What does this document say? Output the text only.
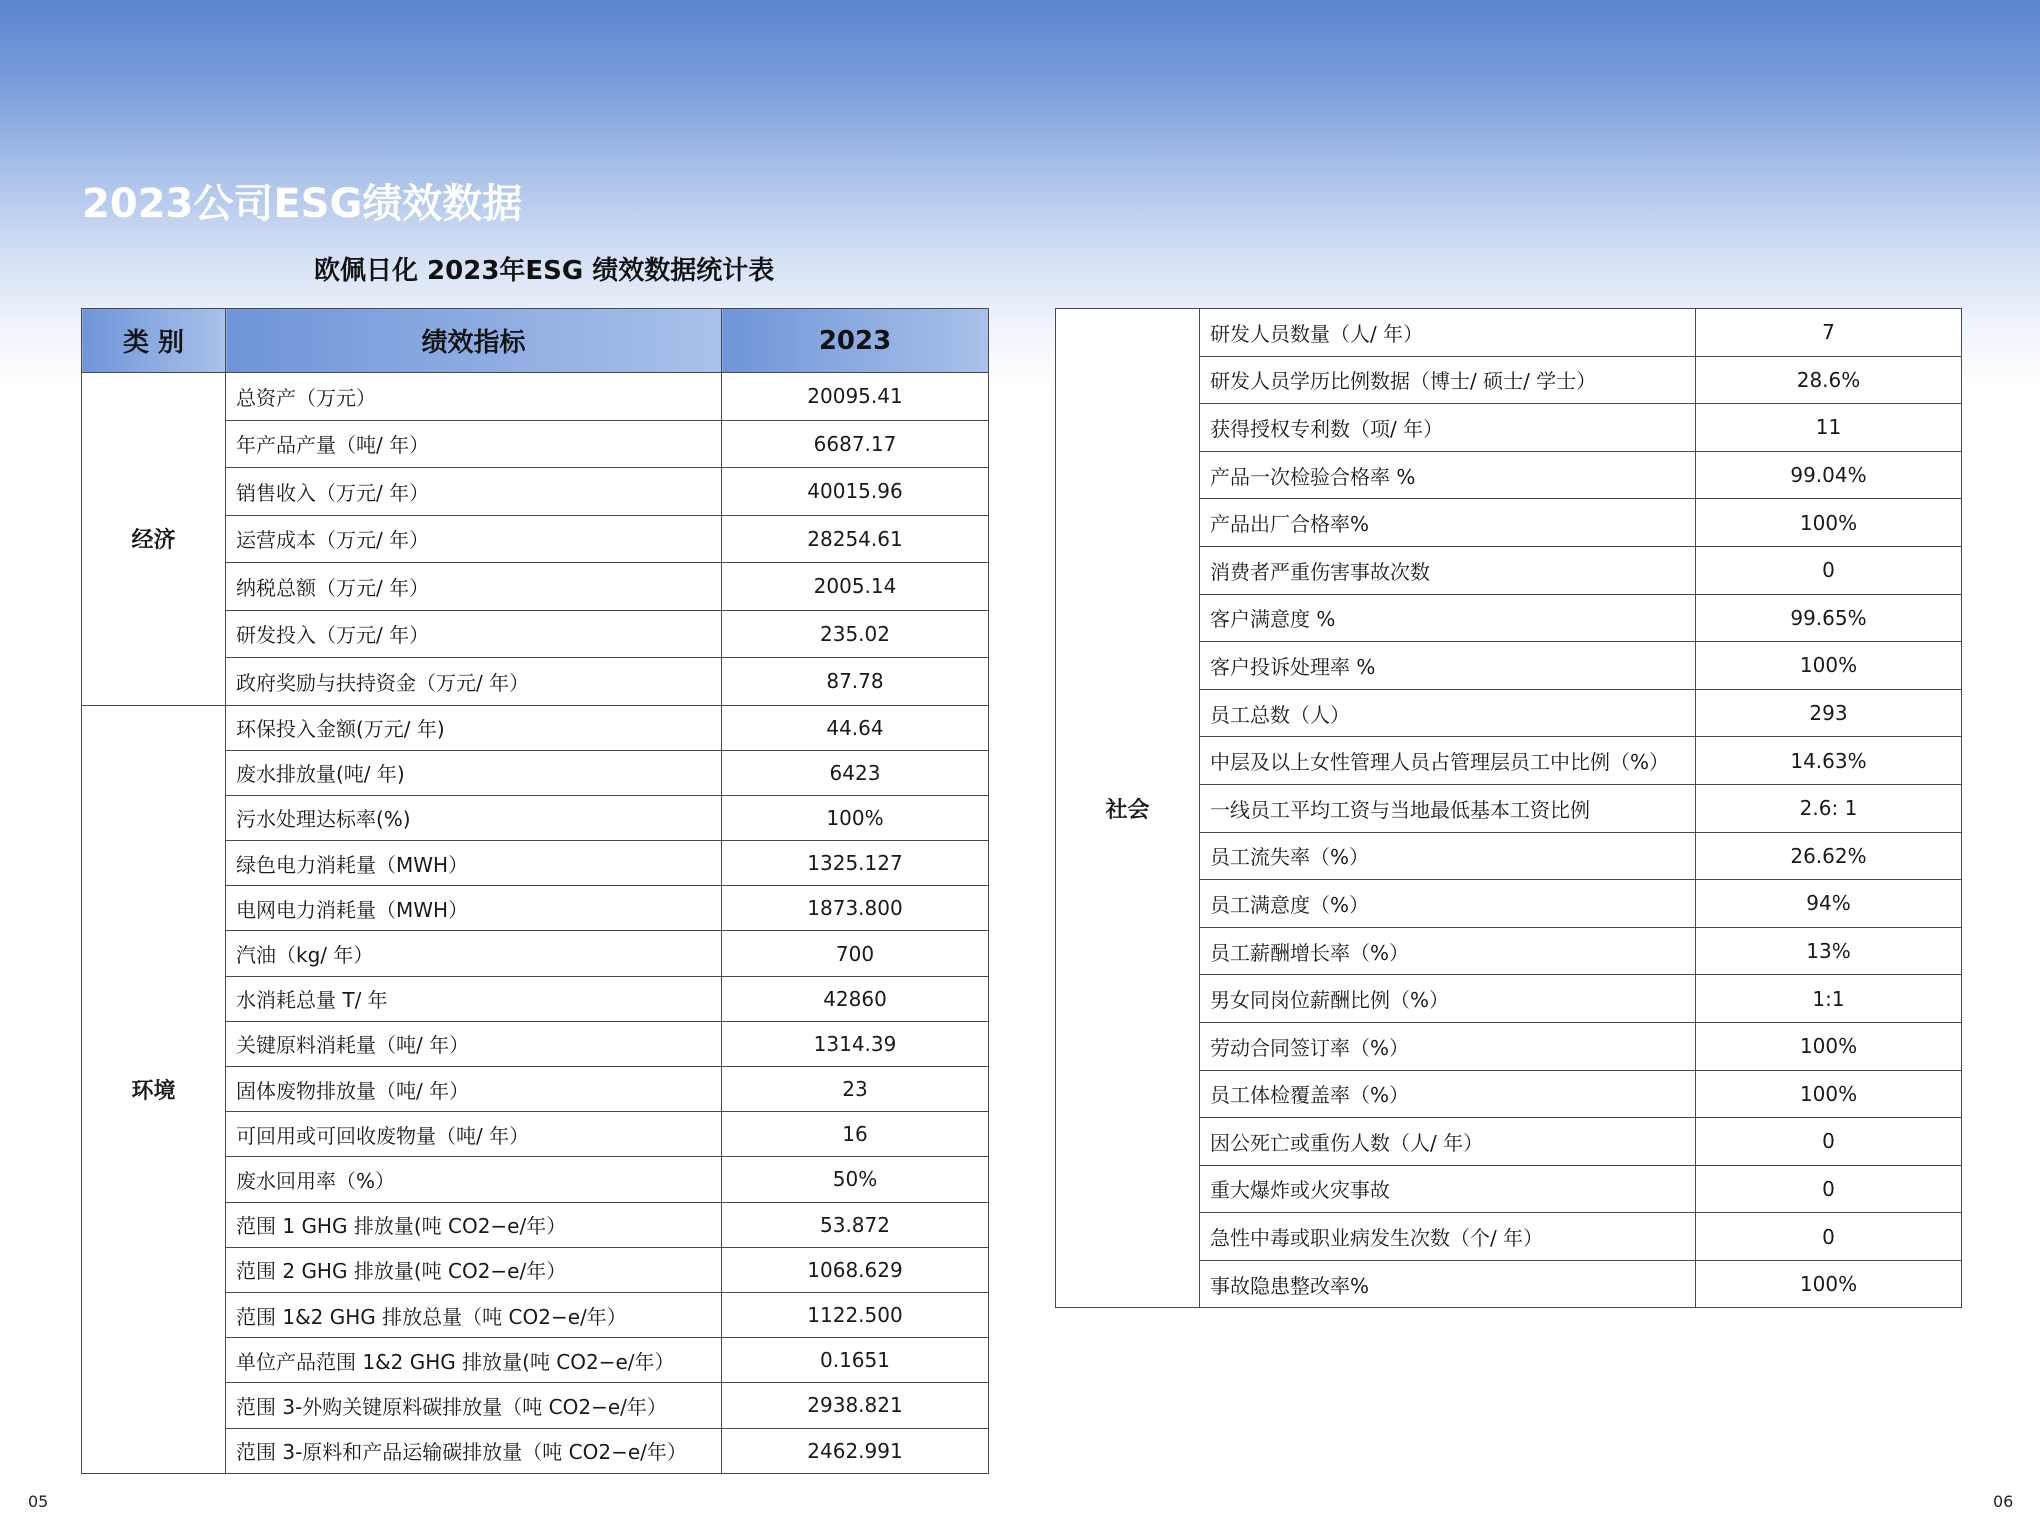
2023公司ESG绩效数据
欧佩日化 2023年ESG 绩效数据统计表
类 别	绩效指标	2023
经济	总资产（万元）	20095.41
	年产品产量（吨/ 年）	6687.17
	销售收入（万元/ 年）	40015.96
	运营成本（万元/ 年）	28254.61
	纳税总额（万元/ 年）	2005.14
	研发投入（万元/ 年）	235.02
	政府奖励与扶持资金（万元/ 年）	87.78
环境	环保投入金额(万元/ 年)	44.64
	废水排放量(吨/ 年)	6423
	污水处理达标率(%)	100%
	绿色电力消耗量（MWH）	1325.127
	电网电力消耗量（MWH）	1873.800
	汽油（kg/ 年）	700
	水消耗总量 T/ 年	42860
	关键原料消耗量（吨/ 年）	1314.39
	固体废物排放量（吨/ 年）	23
	可回用或可回收废物量（吨/ 年）	16
	废水回用率（%）	50%
	范围 1 GHG 排放量(吨 CO2−e/年）	53.872
	范围 2 GHG 排放量(吨 CO2−e/年）	1068.629
	范围 1&2 GHG 排放总量（吨 CO2−e/年）	1122.500
	单位产品范围 1&2 GHG 排放量(吨 CO2−e/年）	0.1651
	范围 3-外购关键原料碳排放量（吨 CO2−e/年）	2938.821
	范围 3-原料和产品运输碳排放量（吨 CO2−e/年）	2462.991
社会	研发人员数量（人/ 年）	7
	研发人员学历比例数据（博士/ 硕士/ 学士）	28.6%
	获得授权专利数（项/ 年）	11
	产品一次检验合格率 %	99.04%
	产品出厂合格率%	100%
	消费者严重伤害事故次数	0
	客户满意度 %	99.65%
	客户投诉处理率 %	100%
	员工总数（人）	293
	中层及以上女性管理人员占管理层员工中比例（%）	14.63%
	一线员工平均工资与当地最低基本工资比例	2.6: 1
	员工流失率（%）	26.62%
	员工满意度（%）	94%
	员工薪酬增长率（%）	13%
	男女同岗位薪酬比例（%）	1:1
	劳动合同签订率（%）	100%
	员工体检覆盖率（%）	100%
	因公死亡或重伤人数（人/ 年）	0
	重大爆炸或火灾事故	0
	急性中毒或职业病发生次数（个/ 年）	0
	事故隐患整改率%	100%
05	06
